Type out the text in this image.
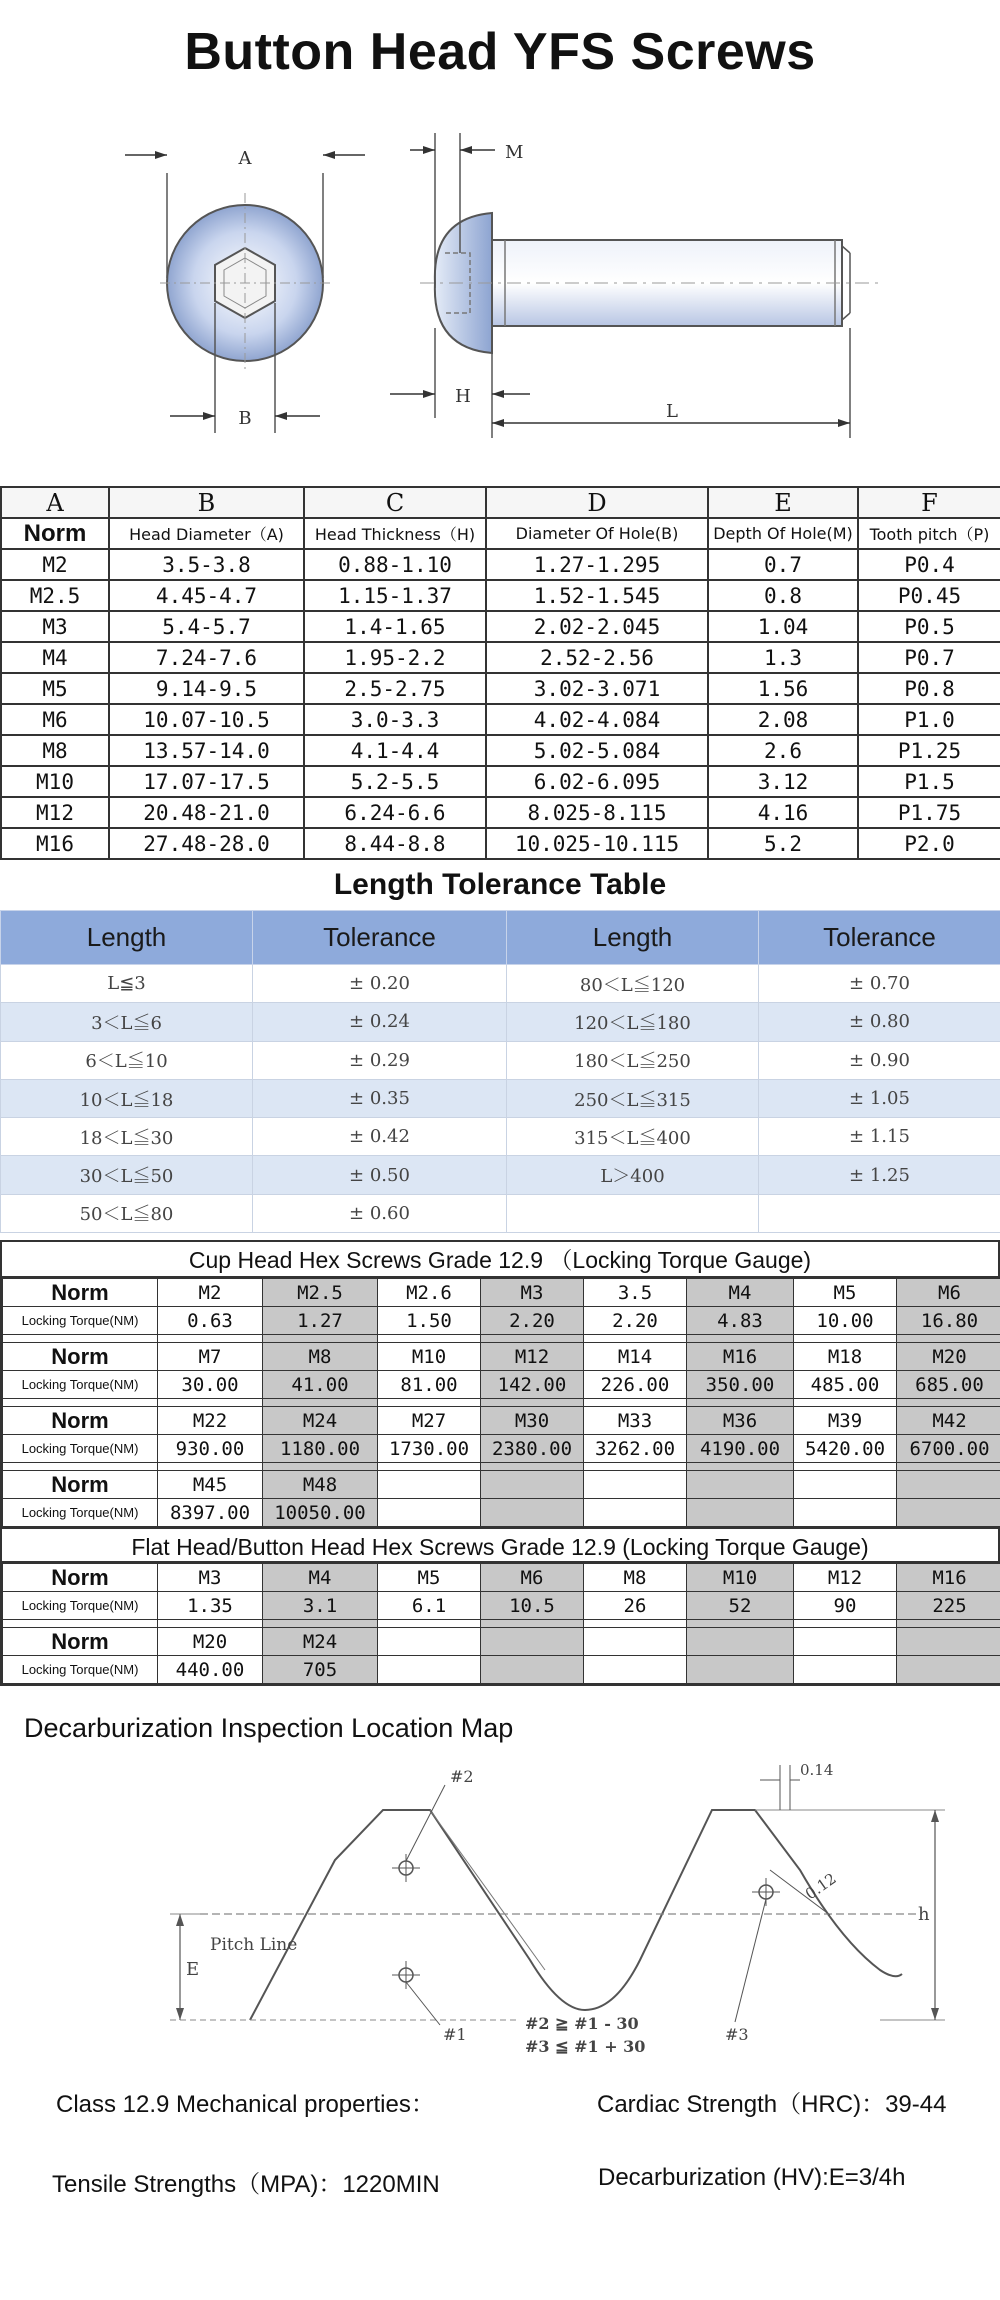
Button Head YFS Screws
A
B
M
H
L
A	B	C	D	E	F
Norm	Head Diameter（A)	Head Thickness（H)	Diameter Of Hole(B)	Depth Of Hole(M)	Tooth pitch（P)
M2	3.5-3.8	0.88-1.10	1.27-1.295	0.7	P0.4
M2.5	4.45-4.7	1.15-1.37	1.52-1.545	0.8	P0.45
M3	5.4-5.7	1.4-1.65	2.02-2.045	1.04	P0.5
M4	7.24-7.6	1.95-2.2	2.52-2.56	1.3	P0.7
M5	9.14-9.5	2.5-2.75	3.02-3.071	1.56	P0.8
M6	10.07-10.5	3.0-3.3	4.02-4.084	2.08	P1.0
M8	13.57-14.0	4.1-4.4	5.02-5.084	2.6	P1.25
M10	17.07-17.5	5.2-5.5	6.02-6.095	3.12	P1.5
M12	20.48-21.0	6.24-6.6	8.025-8.115	4.16	P1.75
M16	27.48-28.0	8.44-8.8	10.025-10.115	5.2	P2.0
Length Tolerance Table
Length	Tolerance	Length	Tolerance
L≦3	± 0.20	80＜L≦120	± 0.70
3＜L≦6	± 0.24	120＜L≦180	± 0.80
6＜L≦10	± 0.29	180＜L≦250	± 0.90
10＜L≦18	± 0.35	250＜L≦315	± 1.05
18＜L≦30	± 0.42	315＜L≦400	± 1.15
30＜L≦50	± 0.50	L＞400	± 1.25
50＜L≦80	± 0.60		
Cup Head Hex Screws Grade 12.9 （Locking Torque Gauge)
Norm	M2	M2.5	M2.6	M3	3.5	M4	M5	M6
Locking Torque(NM)	0.63	1.27	1.50	2.20	2.20	4.83	10.00	16.80

Norm	M7	M8	M10	M12	M14	M16	M18	M20
Locking Torque(NM)	30.00	41.00	81.00	142.00	226.00	350.00	485.00	685.00

Norm	M22	M24	M27	M30	M33	M36	M39	M42
Locking Torque(NM)	930.00	1180.00	1730.00	2380.00	3262.00	4190.00	5420.00	6700.00

Norm	M45	M48						
Locking Torque(NM)	8397.00	10050.00						
Flat Head/Button Head Hex Screws Grade 12.9 (Locking Torque Gauge)
Norm	M3	M4	M5	M6	M8	M10	M12	M16
Locking Torque(NM)	1.35	3.1	6.1	10.5	26	52	90	225

Norm	M20	M24						
Locking Torque(NM)	440.00	705						
Decarburization Inspection Location Map
Pitch Line
E
h
0.14
0.12
#2
#1	#3
#2 ≧ #1 - 30
#3 ≦ #1 + 30
Class 12.9 Mechanical properties：	Cardiac Strength（HRC)：39-44
Tensile Strengths（MPA)：1220MIN	Decarburization (HV):E=3/4h
